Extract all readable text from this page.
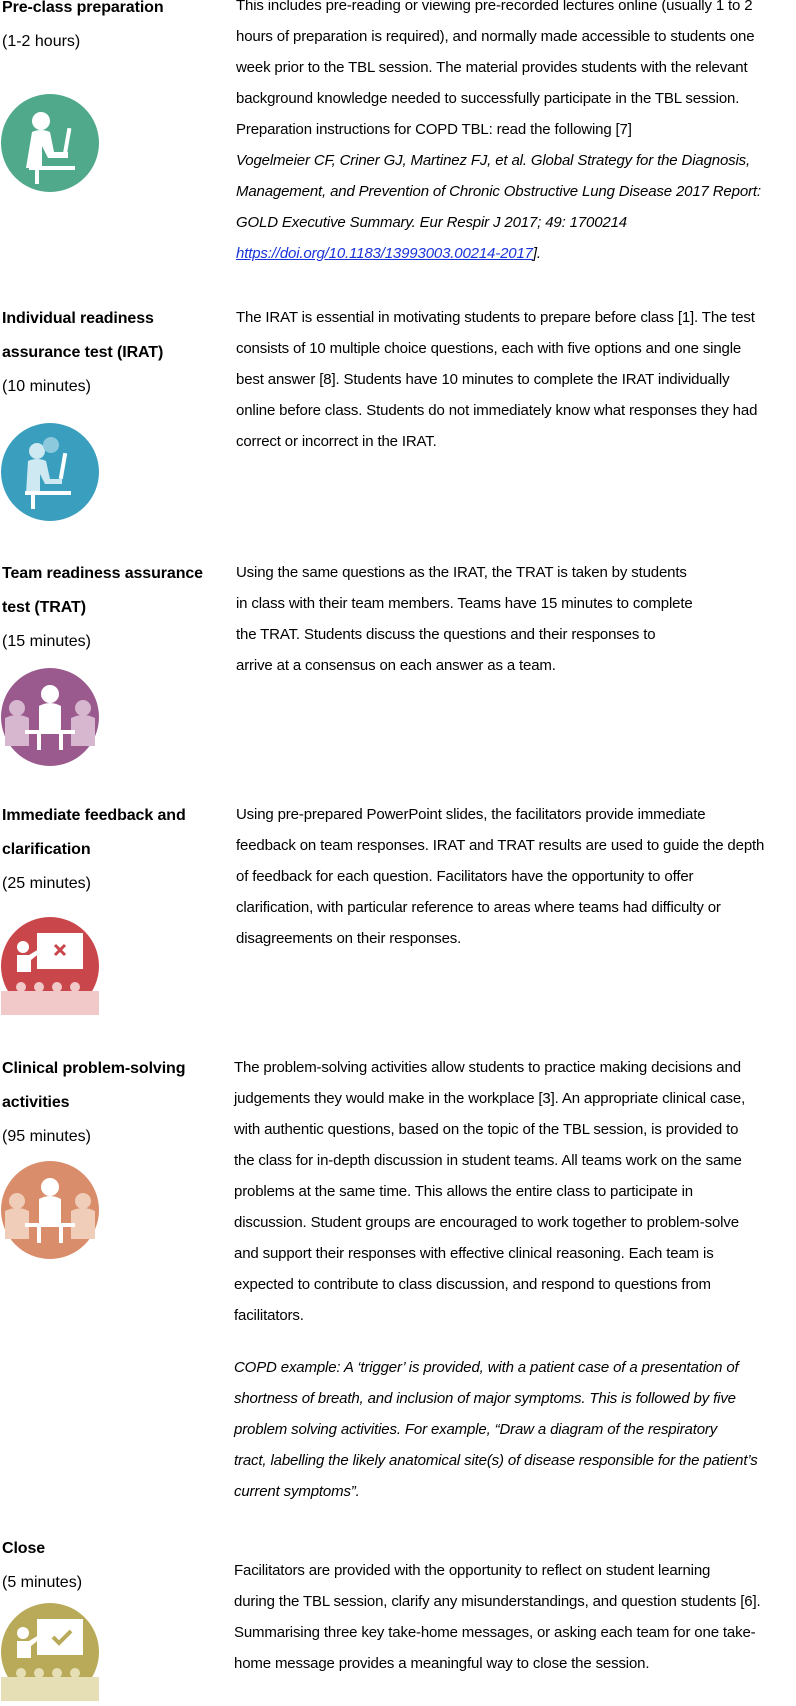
Pre-class preparation
(1-2 hours)

This includes pre-reading or viewing pre-recorded lectures online (usually 1 to 2

hours of preparation is required), and normally made accessible to students one

week prior to the TBL session. The material provides students with the relevant

background knowledge needed to successfully participate in the TBL session.

Preparation instructions for COPD TBL: read the following [7]

Vogelmeier CF, Criner GJ, Martinez FJ, et al. Global Strategy for the Diagnosis,

Management, and Prevention of Chronic Obstructive Lung Disease 2017 Report:

GOLD Executive Summary. Eur Respir J 2017; 49: 1700214

https://doi.org/10.1183/13993003.00214-2017].

Individual readiness
assurance test (IRAT)
(10 minutes)

The IRAT is essential in motivating students to prepare before class [1]. The test

consists of 10 multiple choice questions, each with five options and one single

best answer [8]. Students have 10 minutes to complete the IRAT individually

online before class. Students do not immediately know what responses they had

correct or incorrect in the IRAT.

Team readiness assurance
test (TRAT)
(15 minutes)

Using the same questions as the IRAT, the TRAT is taken by students

in class with their team members. Teams have 15 minutes to complete

the TRAT. Students discuss the questions and their responses to

arrive at a consensus on each answer as a team.

Immediate feedback and
clarification
(25 minutes)

Using pre-prepared PowerPoint slides, the facilitators provide immediate

feedback on team responses. IRAT and TRAT results are used to guide the depth

of feedback for each question. Facilitators have the opportunity to offer

clarification, with particular reference to areas where teams had difficulty or

disagreements on their responses.

Clinical problem-solving
activities
(95 minutes)

The problem-solving activities allow students to practice making decisions and

judgements they would make in the workplace [3]. An appropriate clinical case,

with authentic questions, based on the topic of the TBL session, is provided to

the class for in-depth discussion in student teams. All teams work on the same

problems at the same time. This allows the entire class to participate in

discussion. Student groups are encouraged to work together to problem-solve

and support their responses with effective clinical reasoning. Each team is

expected to contribute to class discussion, and respond to questions from

facilitators.

COPD example: A ‘trigger’ is provided, with a patient case of a presentation of

shortness of breath, and inclusion of major symptoms. This is followed by five

problem solving activities. For example, “Draw a diagram of the respiratory

tract, labelling the likely anatomical site(s) of disease responsible for the patient’s

current symptoms”.

Close
(5 minutes)

Facilitators are provided with the opportunity to reflect on student learning

during the TBL session, clarify any misunderstandings, and question students [6].

Summarising three key take-home messages, or asking each team for one take-

home message provides a meaningful way to close the session.
